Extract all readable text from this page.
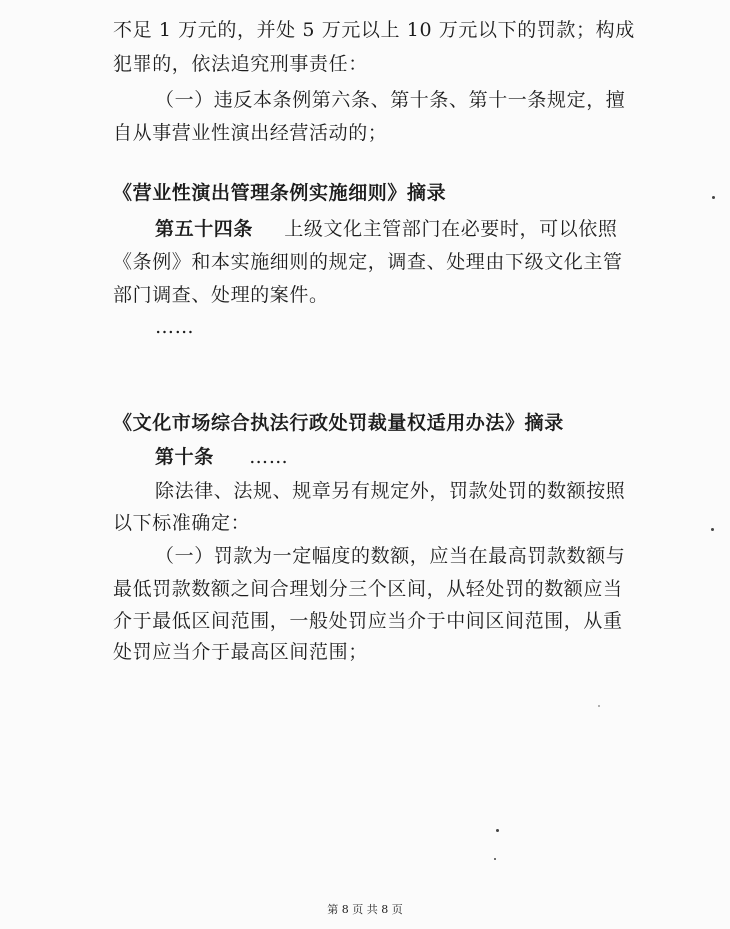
不足 1 万元的，并处 5 万元以上 10 万元以下的罚款；构成
犯罪的，依法追究刑事责任：
（一）违反本条例第六条、第十条、第十一条规定，擅
自从事营业性演出经营活动的；
《营业性演出管理条例实施细则》摘录
第五十四条 上级文化主管部门在必要时，可以依照
《条例》和本实施细则的规定，调查、处理由下级文化主管
部门调查、处理的案件。
……
《文化市场综合执法行政处罚裁量权适用办法》摘录
第十条 ……
除法律、法规、规章另有规定外，罚款处罚的数额按照
以下标准确定：
（一）罚款为一定幅度的数额，应当在最高罚款数额与
最低罚款数额之间合理划分三个区间，从轻处罚的数额应当
介于最低区间范围，一般处罚应当介于中间区间范围，从重
处罚应当介于最高区间范围；
第 8 页 共 8 页
